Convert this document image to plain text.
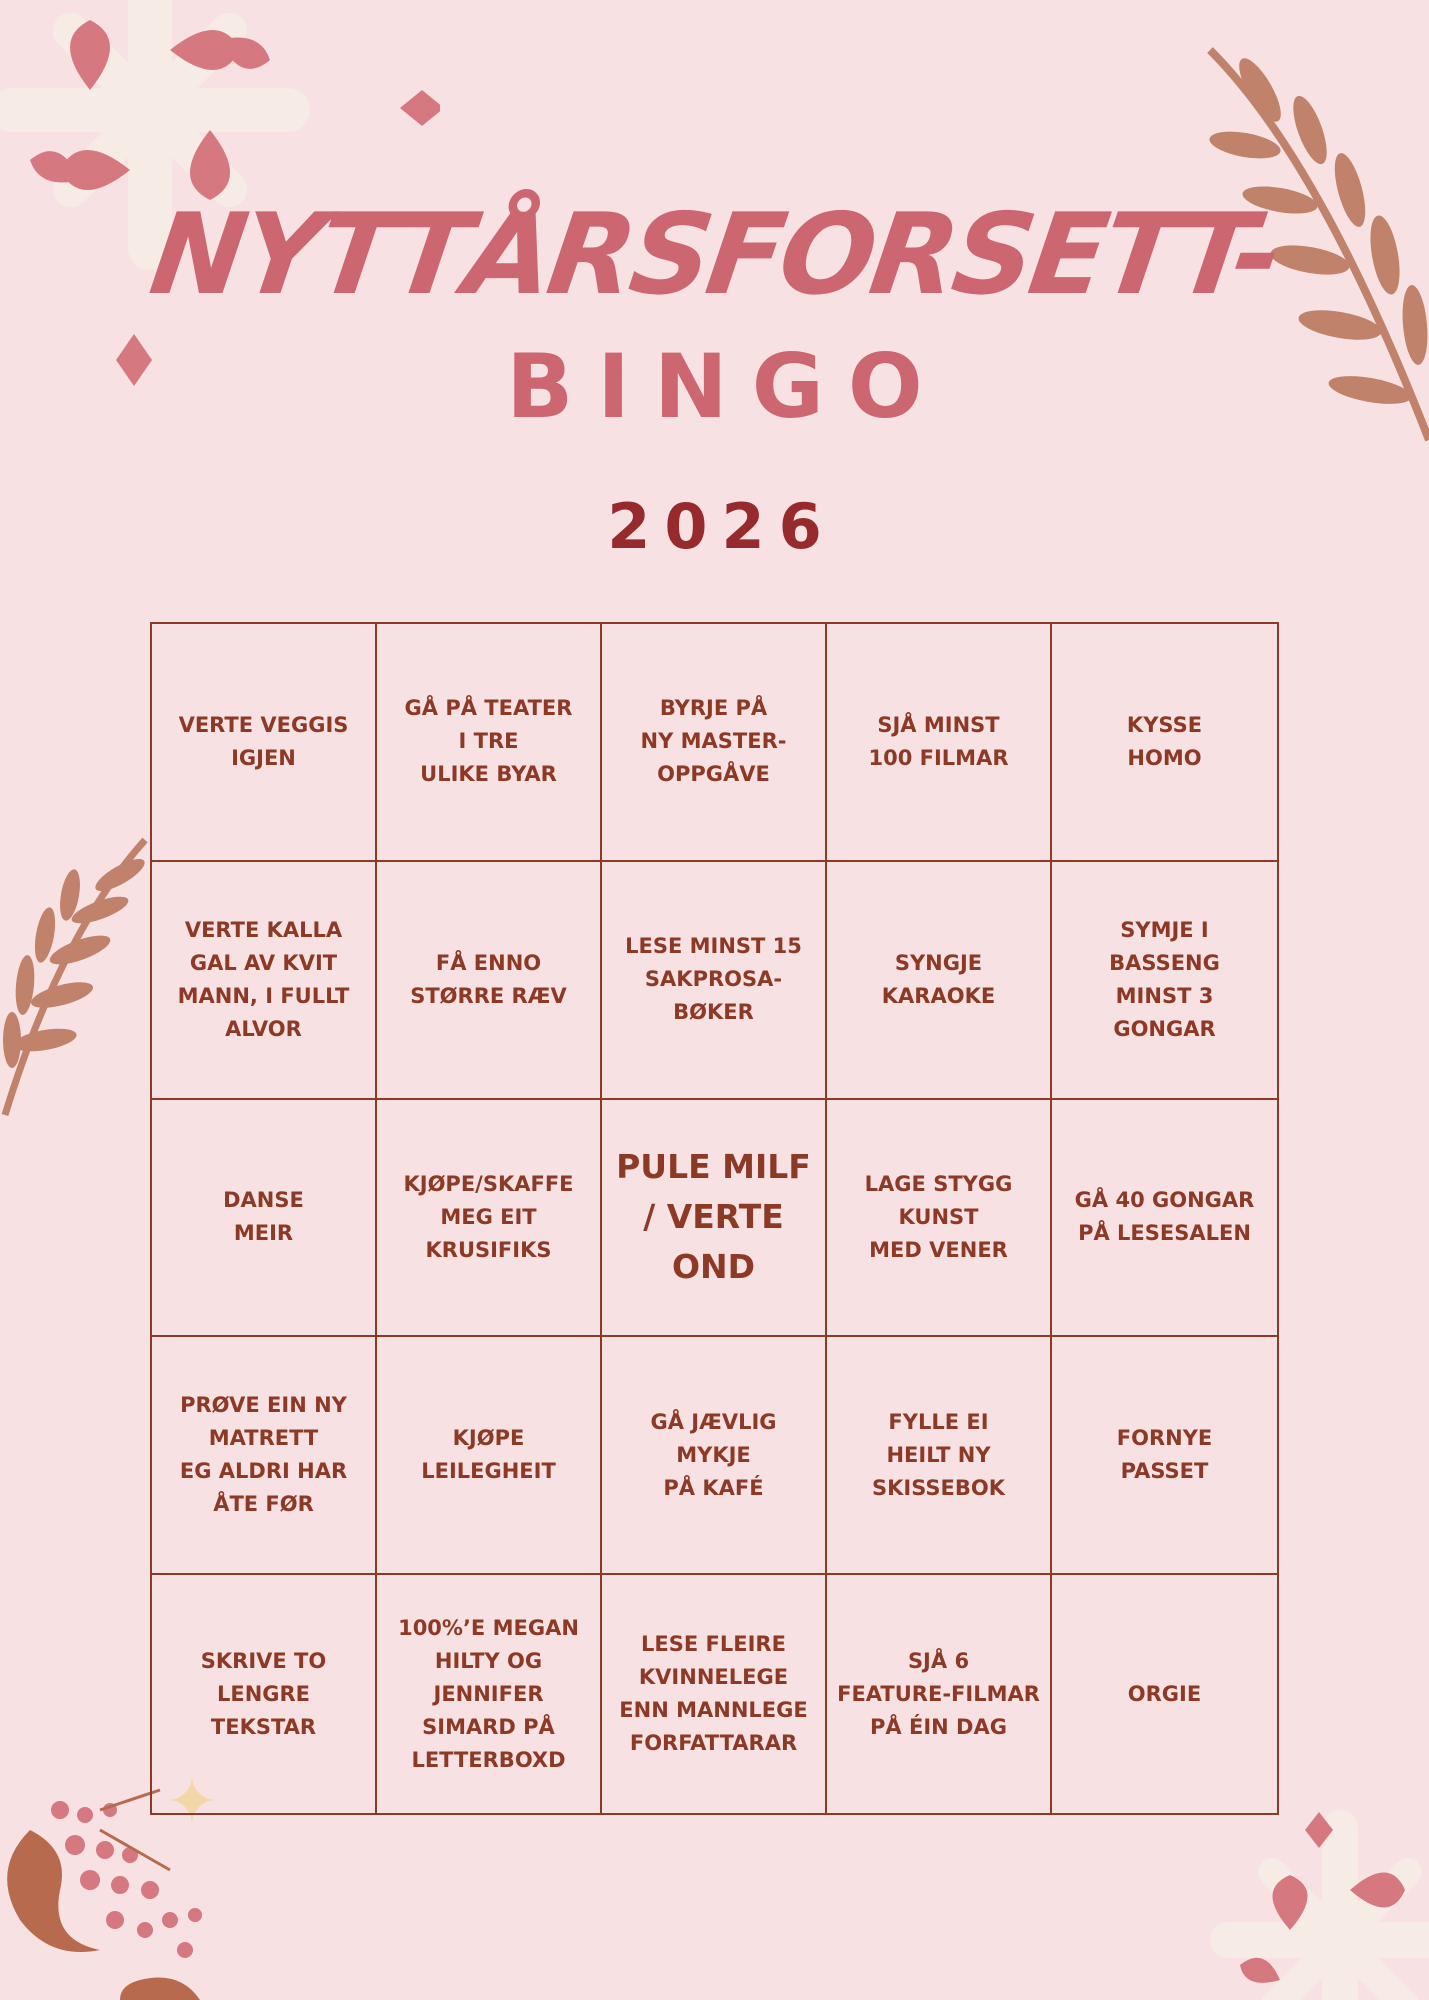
NYTTÅRSFORSETT-
BINGO
2026
VERTE VEGGIS
IGJEN
GÅ PÅ TEATER
I TRE
ULIKE BYAR
BYRJE PÅ
NY MASTER-
OPPGÅVE
SJÅ MINST
100 FILMAR
KYSSE
HOMO
VERTE KALLA
GAL AV KVIT
MANN, I FULLT
ALVOR
FÅ ENNO
STØRRE RÆV
LESE MINST 15
SAKPROSA-
BØKER
SYNGJE
KARAOKE
SYMJE I
BASSENG
MINST 3
GONGAR
DANSE
MEIR
KJØPE/SKAFFE
MEG EIT
KRUSIFIKS
PULE MILF
/ VERTE
OND
LAGE STYGG
KUNST
MED VENER
GÅ 40 GONGAR
PÅ LESESALEN
PRØVE EIN NY
MATRETT
EG ALDRI HAR
ÅTE FØR
KJØPE
LEILEGHEIT
GÅ JÆVLIG
MYKJE
PÅ KAFÉ
FYLLE EI
HEILT NY
SKISSEBOK
FORNYE
PASSET
SKRIVE TO
LENGRE
TEKSTAR
100%’E MEGAN
HILTY OG
JENNIFER
SIMARD PÅ
LETTERBOXD
LESE FLEIRE
KVINNELEGE
ENN MANNLEGE
FORFATTARAR
SJÅ 6
FEATURE-FILMAR
PÅ ÉIN DAG
ORGIE
